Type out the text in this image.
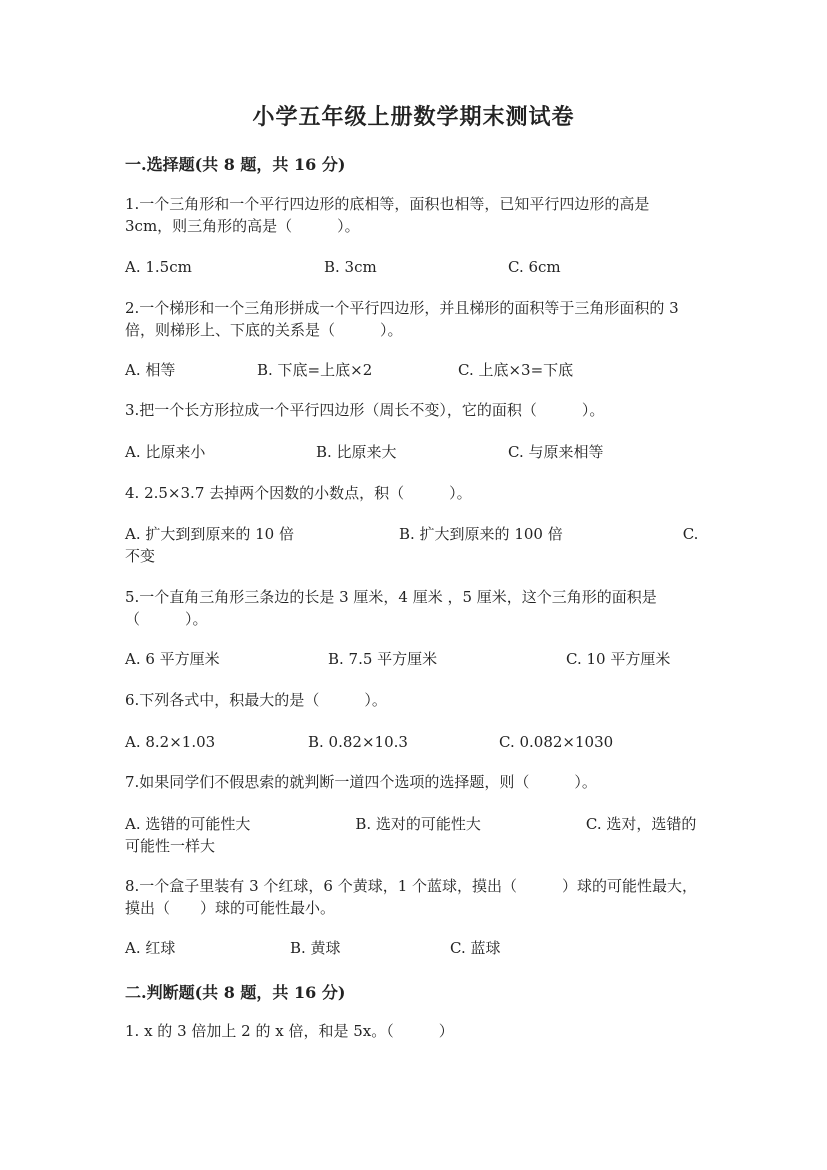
小学五年级上册数学期末测试卷
一.选择题(共 8 题，共 16 分)
1.一个三角形和一个平行四边形的底相等，面积也相等，已知平行四边形的高是 3cm，则三角形的高是（　　　）。
A. 1.5cm	B. 3cm	C. 6cm
2.一个梯形和一个三角形拼成一个平行四边形，并且梯形的面积等于三角形面积的 3 倍，则梯形上、下底的关系是（　　　）。
A. 相等	B. 下底=上底×2	C. 上底×3=下底
3.把一个长方形拉成一个平行四边形（周长不变），它的面积（　　　）。
A. 比原来小	B. 比原来大	C. 与原来相等
4. 2.5×3.7 去掉两个因数的小数点，积（　　　）。
A. 扩大到到原来的 10 倍　　　　　　　B. 扩大到原来的 100 倍　　　　　　　　C. 不变
5.一个直角三角形三条边的长是 3 厘米，4 厘米 ，5 厘米，这个三角形的面积是（　　　）。
A. 6 平方厘米	B. 7.5 平方厘米	C. 10 平方厘米
6.下列各式中，积最大的是（　　　）。
A. 8.2×1.03	B. 0.82×10.3	C. 0.082×1030
7.如果同学们不假思索的就判断一道四个选项的选择题，则（　　　）。
A. 选错的可能性大　　　　　　　B. 选对的可能性大　　　　　　　C. 选对，选错的可能性一样大
8.一个盒子里装有 3 个红球，6 个黄球，1 个蓝球，摸出（　　　）球的可能性最大，摸出（　　）球的可能性最小。
A. 红球	B. 黄球	C. 蓝球
二.判断题(共 8 题，共 16 分)
1. x 的 3 倍加上 2 的 x 倍，和是 5x。（　　　）
